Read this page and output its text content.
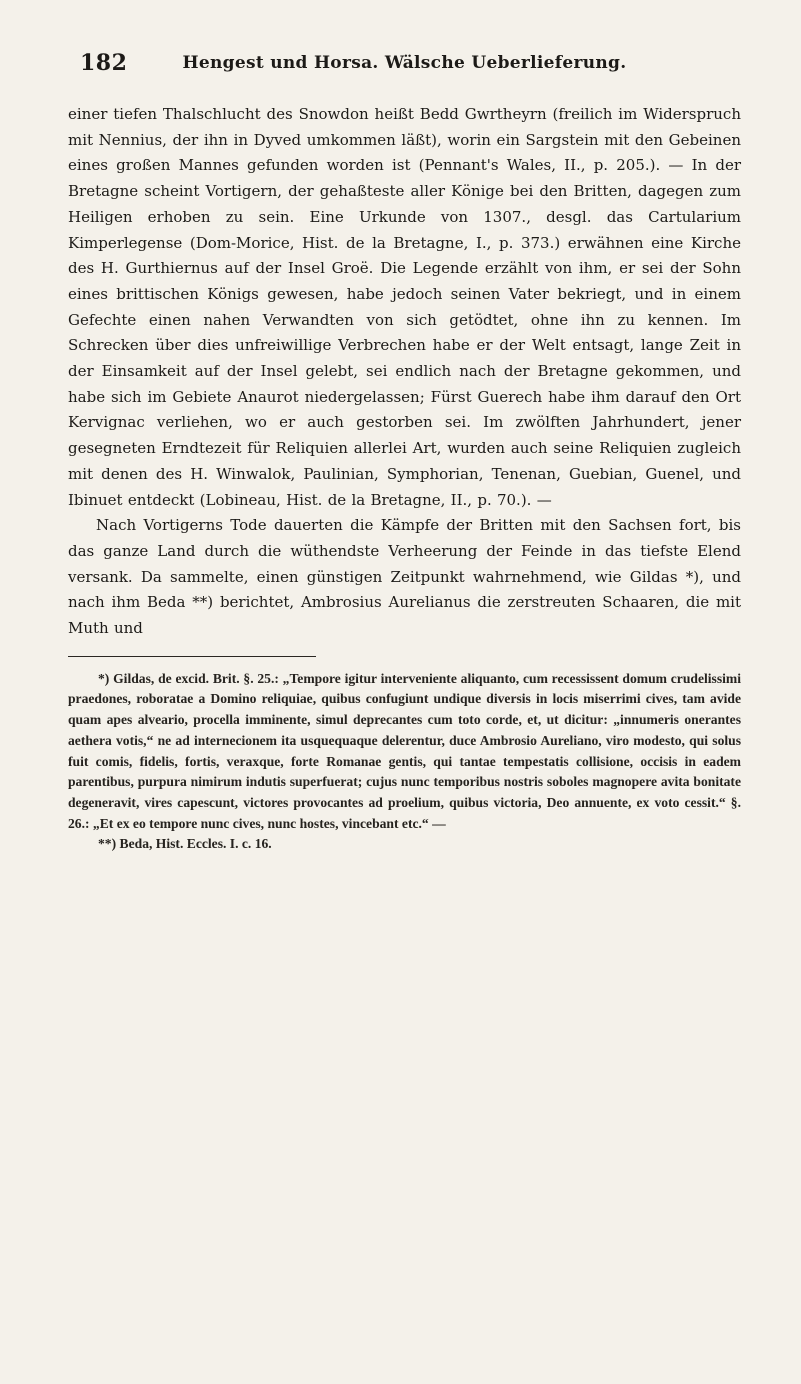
182	Hengest und Horsa. Wälsche Ueberlieferung.

einer tiefen Thalschlucht des Snowdon heißt Bedd Gwrtheyrn (freilich im Widerspruch mit Nennius, der ihn in Dyved umkommen läßt), worin ein Sargstein mit den Gebeinen eines großen Mannes gefunden worden ist (Pennant's Wales, II., p. 205.). — In der Bretagne scheint Vortigern, der gehaßteste aller Könige bei den Britten, dagegen zum Heiligen erhoben zu sein. Eine Urkunde von 1307., desgl. das Cartularium Kimperlegense (Dom-Morice, Hist. de la Bretagne, I., p. 373.) erwähnen eine Kirche des H. Gurthiernus auf der Insel Groë. Die Legende erzählt von ihm, er sei der Sohn eines brittischen Königs gewesen, habe jedoch seinen Vater bekriegt, und in einem Gefechte einen nahen Verwandten von sich getödtet, ohne ihn zu kennen. Im Schrecken über dies unfreiwillige Verbrechen habe er der Welt entsagt, lange Zeit in der Einsamkeit auf der Insel gelebt, sei endlich nach der Bretagne gekommen, und habe sich im Gebiete Anaurot niedergelassen; Fürst Guerech habe ihm darauf den Ort Kervignac verliehen, wo er auch gestorben sei. Im zwölften Jahrhundert, jener gesegneten Erndtezeit für Reliquien allerlei Art, wurden auch seine Reliquien zugleich mit denen des H. Winwalok, Paulinian, Symphorian, Tenenan, Guebian, Guenel, und Ibinuet entdeckt (Lobineau, Hist. de la Bretagne, II., p. 70.). —

Nach Vortigerns Tode dauerten die Kämpfe der Britten mit den Sachsen fort, bis das ganze Land durch die wüthendste Verheerung der Feinde in das tiefste Elend versank. Da sammelte, einen günstigen Zeitpunkt wahrnehmend, wie Gildas *), und nach ihm Beda **) berichtet, Ambrosius Aurelianus die zerstreuten Schaaren, die mit Muth und

*) Gildas, de excid. Brit. §. 25.: „Tempore igitur interveniente aliquanto, cum recessissent domum crudelissimi praedones, roboratae a Domino reliquiae, quibus confugiunt undique diversis in locis miserrimi cives, tam avide quam apes alveario, procella imminente, simul deprecantes cum toto corde, et, ut dicitur: „innumeris onerantes aethera votis,“ ne ad internecionem ita usquequaque delerentur, duce Ambrosio Aureliano, viro modesto, qui solus fuit comis, fidelis, fortis, veraxque, forte Romanae gentis, qui tantae tempestatis collisione, occisis in eadem parentibus, purpura nimirum indutis superfuerat; cujus nunc temporibus nostris soboles magnopere avita bonitate degeneravit, vires capescunt, victores provocantes ad proelium, quibus victoria, Deo annuente, ex voto cessit.“ §. 26.: „Et ex eo tempore nunc cives, nunc hostes, vincebant etc.“ —

**) Beda, Hist. Eccles. I. c. 16.
